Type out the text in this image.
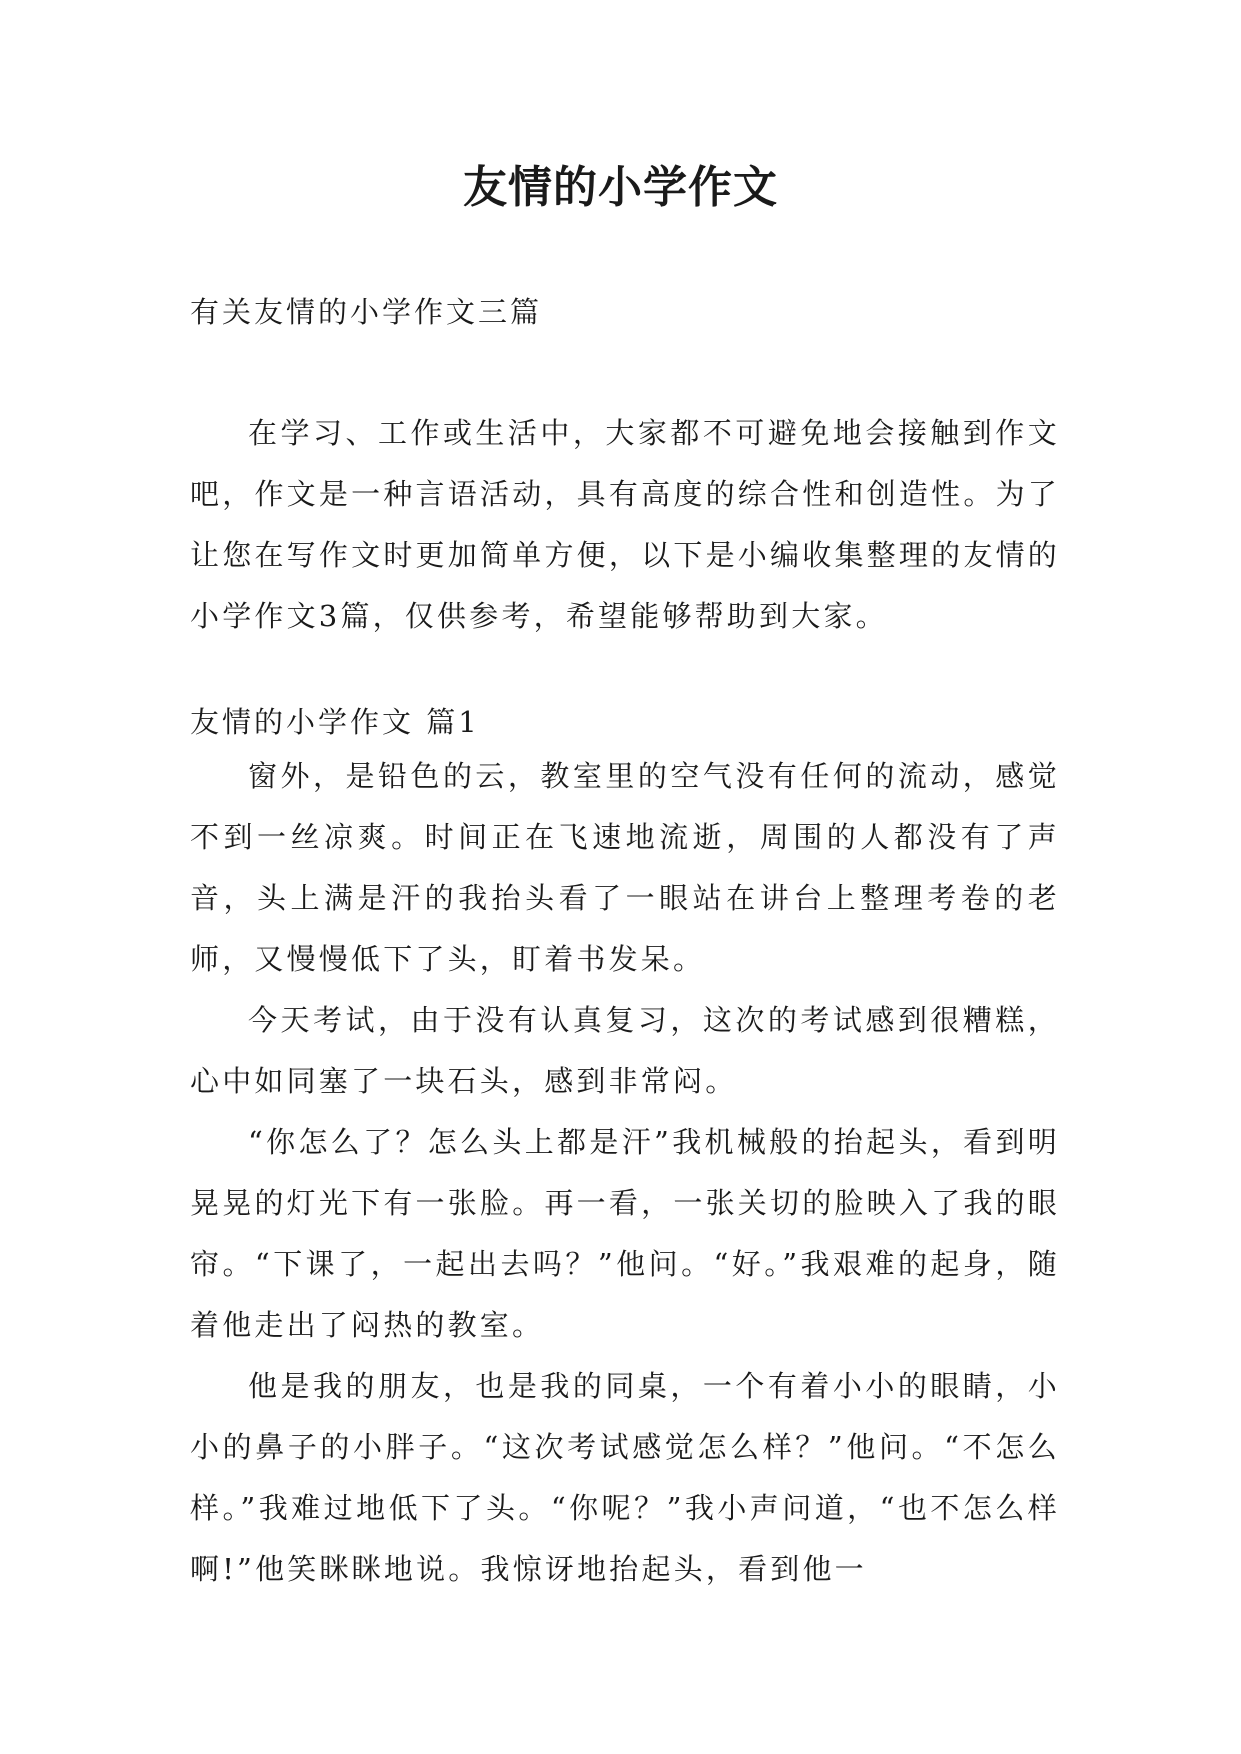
友情的小学作文
有关友情的小学作文三篇

在学习、工作或生活中，大家都不可避免地会接触到作文吧，作文是一种言语活动，具有高度的综合性和创造性。为了让您在写作文时更加简单方便，以下是小编收集整理的友情的小学作文3篇，仅供参考，希望能够帮助到大家。

友情的小学作文 篇1

窗外，是铅色的云，教室里的空气没有任何的流动，感觉不到一丝凉爽。时间正在飞速地流逝，周围的人都没有了声音，头上满是汗的我抬头看了一眼站在讲台上整理考卷的老师，又慢慢低下了头，盯着书发呆。

今天考试，由于没有认真复习，这次的考试感到很糟糕，心中如同塞了一块石头，感到非常闷。

“你怎么了？怎么头上都是汗”我机械般的抬起头，看到明晃晃的灯光下有一张脸。再一看，一张关切的脸映入了我的眼帘。“下课了，一起出去吗？”他问。“好。”我艰难的起身，随着他走出了闷热的教室。

他是我的朋友，也是我的同桌，一个有着小小的眼睛，小小的鼻子的小胖子。“这次考试感觉怎么样？”他问。“不怎么样。”我难过地低下了头。“你呢？”我小声问道，“也不怎么样啊!”他笑眯眯地说。我惊讶地抬起头，看到他一
